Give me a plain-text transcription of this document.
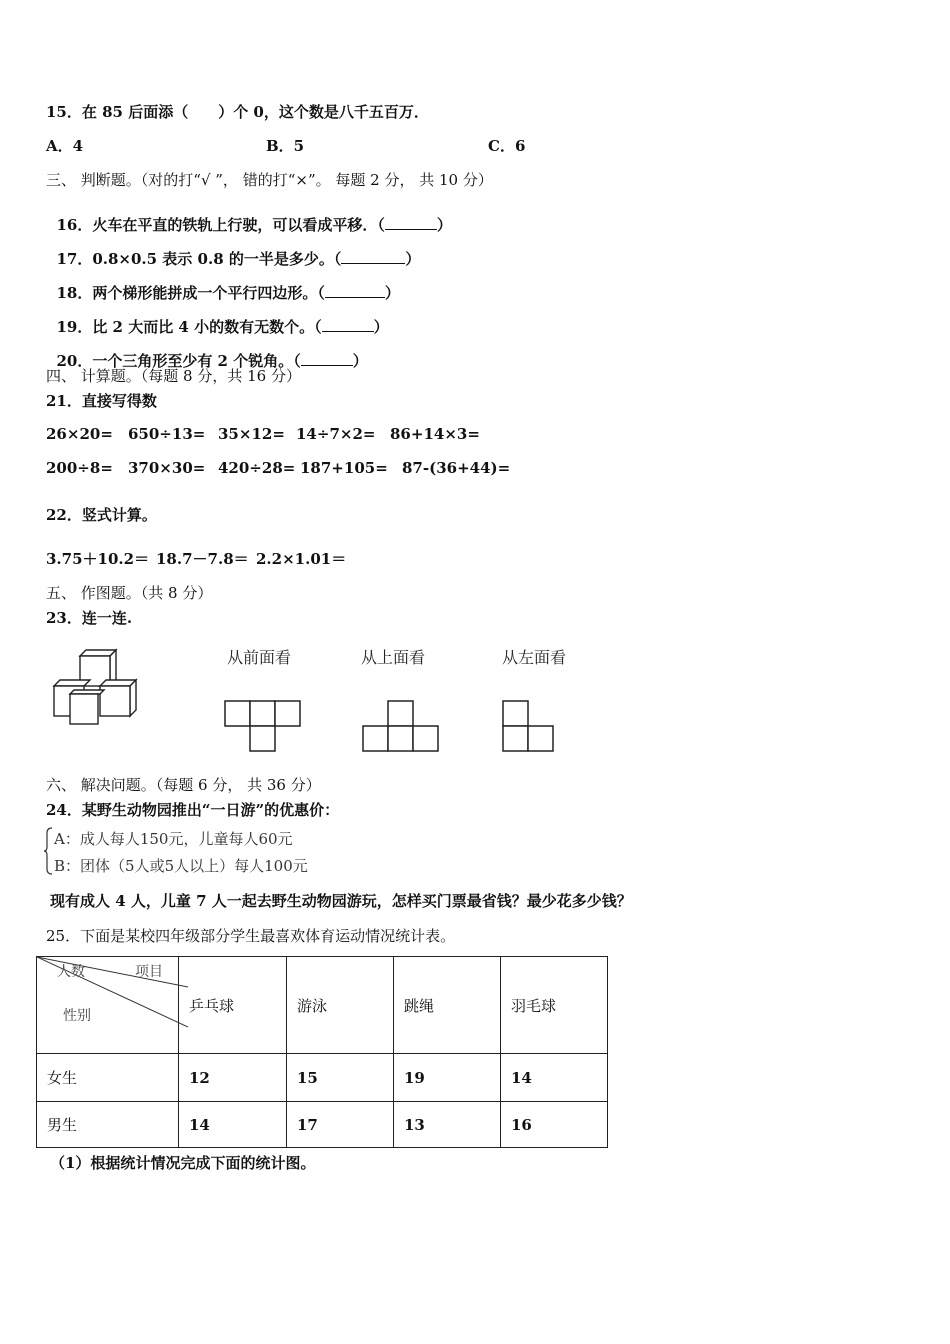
15．在 85 后面添（　　）个 0，这个数是八千五百万．
A．4	B．5	C．6
三、 判断题。（对的打“√ ”， 错的打“×”。 每题 2 分， 共 10 分）

16．火车在平直的铁轨上行驶，可以看成平移．（	）

17．0.8×0.5 表示 0.8 的一半是多少。（	）

18．两个梯形能拼成一个平行四边形。（	）

19．比 2 大而比 4 小的数有无数个。（	）

20．一个三角形至少有 2 个锐角。（	）

四、 计算题。（每题 8 分，共 16 分）
21．直接写得数
26×20= 650÷13= 35×12= 14÷7×2= 86+14×3=
200÷8= 370×30= 420÷28= 187+105= 87-(36+44)=
22．竖式计算。
3.75＋10.2＝ 18.7－7.8＝ 2.2×1.01＝
五、 作图题。（共 8 分）
23．连一连.
从前面看	从上面看	从左面看
六、 解决问题。（每题 6 分， 共 36 分）
24．某野生动物园推出“一日游”的优惠价：
A：成人每人150元，儿童每人60元
B：团体（5人或5人以上）每人100元
现有成人 4 人，儿童 7 人一起去野生动物园游玩，怎样买门票最省钱？最少花多少钱？
25．下面是某校四年级部分学生最喜欢体育运动情况统计表。
人数 项目
性别	乒乓球	游泳	跳绳	羽毛球
女生	12	15	19	14
男生	14	17	13	16
（1）根据统计情况完成下面的统计图。
